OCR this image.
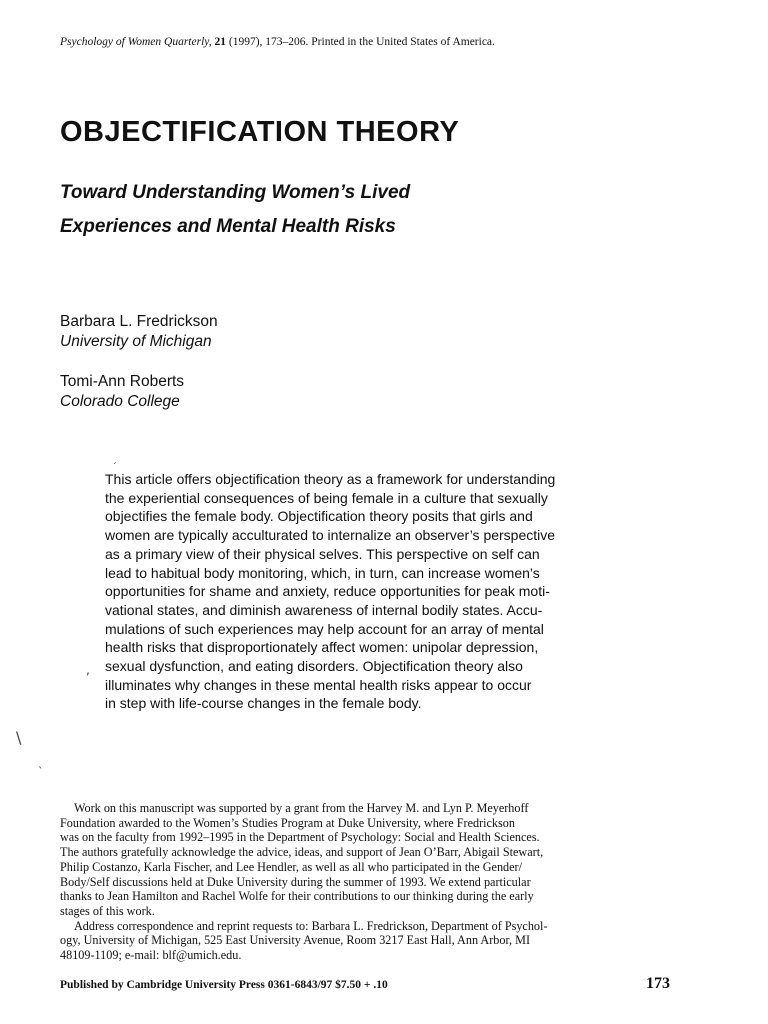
Psychology of Women Quarterly, 21 (1997), 173–206. Printed in the United States of America.
OBJECTIFICATION THEORY
Toward Understanding Women’s Lived
Experiences and Mental Health Risks
Barbara L. Fredrickson
University of Michigan
Tomi-Ann Roberts
Colorado College
ˊ
,
\
ˋ
This article offers objectification theory as a framework for understanding
the experiential consequences of being female in a culture that sexually
objectifies the female body. Objectification theory posits that girls and
women are typically acculturated to internalize an observer’s perspective
as a primary view of their physical selves. This perspective on self can
lead to habitual body monitoring, which, in turn, can increase women’s
opportunities for shame and anxiety, reduce opportunities for peak moti-
vational states, and diminish awareness of internal bodily states. Accu-
mulations of such experiences may help account for an array of mental
health risks that disproportionately affect women: unipolar depression,
sexual dysfunction, and eating disorders. Objectification theory also
illuminates why changes in these mental health risks appear to occur
in step with life-course changes in the female body.
Work on this manuscript was supported by a grant from the Harvey M. and Lyn P. Meyerhoff
Foundation awarded to the Women’s Studies Program at Duke University, where Fredrickson
was on the faculty from 1992–1995 in the Department of Psychology: Social and Health Sciences.
The authors gratefully acknowledge the advice, ideas, and support of Jean O’Barr, Abigail Stewart,
Philip Costanzo, Karla Fischer, and Lee Hendler, as well as all who participated in the Gender/
Body/Self discussions held at Duke University during the summer of 1993. We extend particular
thanks to Jean Hamilton and Rachel Wolfe for their contributions to our thinking during the early
stages of this work.
Address correspondence and reprint requests to: Barbara L. Fredrickson, Department of Psychol-
ogy, University of Michigan, 525 East University Avenue, Room 3217 East Hall, Ann Arbor, MI
48109-1109; e-mail: blf@umich.edu.
Published by Cambridge University Press 0361-6843/97 $7.50 + .10	173
